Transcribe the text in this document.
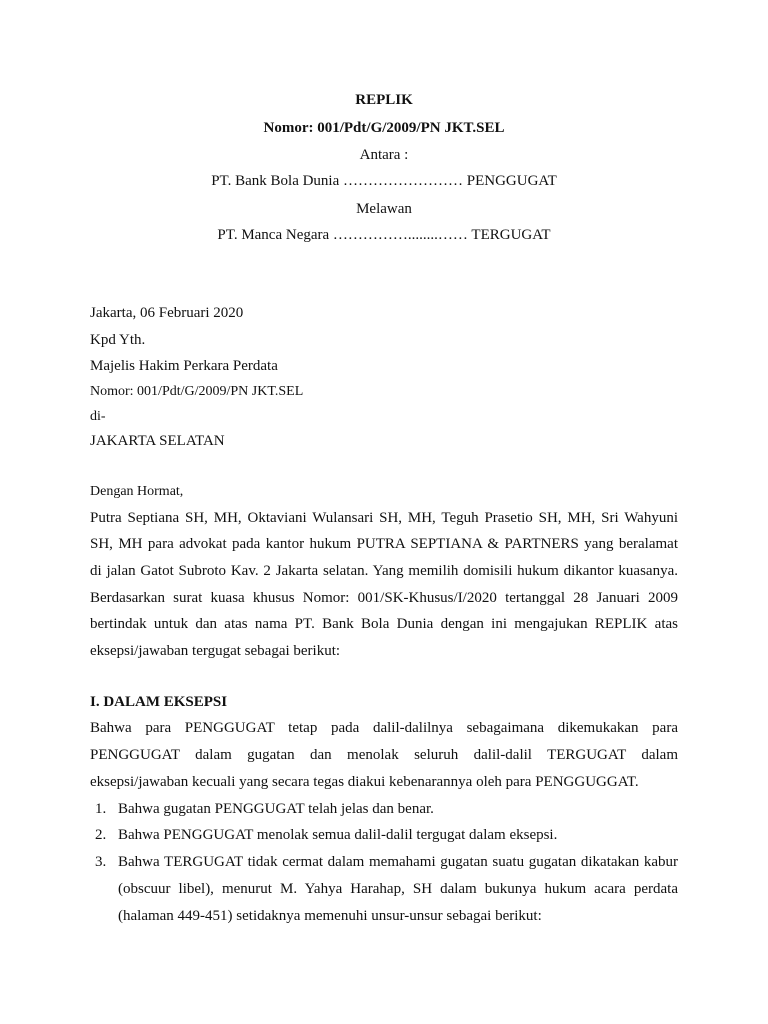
REPLIK
Nomor: 001/Pdt/G/2009/PN JKT.SEL
Antara :
PT. Bank Bola Dunia …………………… PENGGUGAT
Melawan
PT. Manca Negara ……………........…… TERGUGAT
Jakarta, 06 Februari 2020
Kpd Yth.
Majelis Hakim Perkara Perdata
Nomor: 001/Pdt/G/2009/PN JKT.SEL
di-
JAKARTA SELATAN
Dengan Hormat,
Putra Septiana SH, MH, Oktaviani Wulansari SH, MH, Teguh Prasetio SH, MH, Sri Wahyuni
SH, MH para advokat pada kantor hukum PUTRA SEPTIANA & PARTNERS yang beralamat
di jalan Gatot Subroto Kav. 2 Jakarta selatan. Yang memilih domisili hukum dikantor kuasanya.
Berdasarkan surat kuasa khusus Nomor: 001/SK-Khusus/I/2020 tertanggal 28 Januari 2009
bertindak untuk dan atas nama PT. Bank Bola Dunia dengan ini mengajukan REPLIK atas
eksepsi/jawaban tergugat sebagai berikut:
I. DALAM EKSEPSI
Bahwa para PENGGUGAT tetap pada dalil-dalilnya sebagaimana dikemukakan para
PENGGUGAT dalam gugatan dan menolak seluruh dalil-dalil TERGUGAT dalam
eksepsi/jawaban kecuali yang secara tegas diakui kebenarannya oleh para PENGGUGGAT.
1. Bahwa gugatan PENGGUGAT telah jelas dan benar.
2. Bahwa PENGGUGAT menolak semua dalil-dalil tergugat dalam eksepsi.
3. Bahwa TERGUGAT tidak cermat dalam memahami gugatan suatu gugatan dikatakan kabur
(obscuur libel), menurut M. Yahya Harahap, SH dalam bukunya hukum acara perdata
(halaman 449-451) setidaknya memenuhi unsur-unsur sebagai berikut:
